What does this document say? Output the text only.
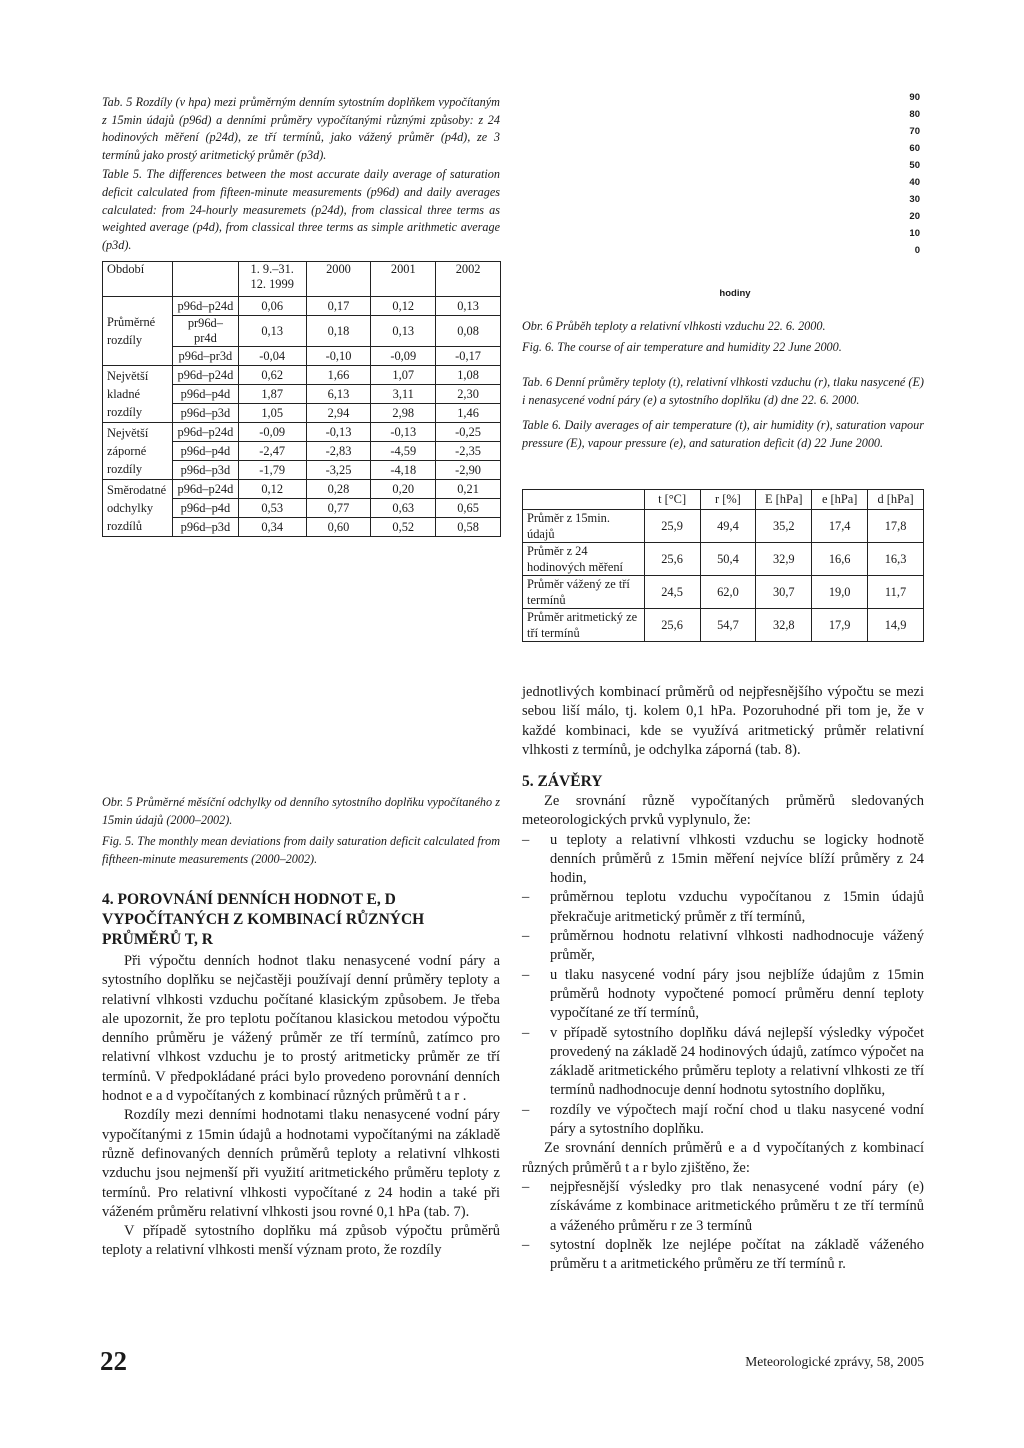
Tab. 5 Rozdíly (v hpa) mezi průměrným denním sytostním doplňkem vypočítaným z 15min údajů (p96d) a denními průměry vypočítanými různými způsoby: z 24 hodinových měření (p24d), ze tří termínů, jako vážený průměr (p4d), ze 3 termínů jako prostý aritmetický průměr (p3d).

Table 5. The differences between the most accurate daily average of saturation deficit calculated from fifteen-minute measurements (p96d) and daily averages calculated: from 24-hourly measuremets (p24d), from classical three terms as weighted average (p4d), from classical three terms as simple arithmetic average (p3d).

Období		1. 9.–31. 12. 1999	2000	2001	2002
Průměrné rozdíly	p96d–p24d	0,06	0,17	0,12	0,13
	pr96d–pr4d	0,13	0,18	0,13	0,08
	p96d–pr3d	-0,04	-0,10	-0,09	-0,17
Největší kladné rozdíly	p96d–p24d	0,62	1,66	1,07	1,08
	p96d–p4d	1,87	6,13	3,11	2,30
	p96d–p3d	1,05	2,94	2,98	1,46
Největší záporné rozdíly	p96d–p24d	-0,09	-0,13	-0,13	-0,25
	p96d–p4d	-2,47	-2,83	-4,59	-2,35
	p96d–p3d	-1,79	-3,25	-4,18	-2,90
Směrodatné odchylky rozdílů	p96d–p24d	0,12	0,28	0,20	0,21
	p96d–p4d	0,53	0,77	0,63	0,65
	p96d–p3d	0,34	0,60	0,52	0,58
90
80
70
60
50
40
30
20
10
0
hodiny

Obr. 6 Průběh teploty a relativní vlhkosti vzduchu 22. 6. 2000.

Fig. 6. The course of air temperature and humidity 22 June 2000.

Tab. 6 Denní průměry teploty (t), relativní vlhkosti vzduchu (r), tlaku nasycené (E) i nenasycené vodní páry (e) a sytostního doplňku (d) dne 22. 6. 2000.

Table 6. Daily averages of air temperature (t), air humidity (r), saturation vapour pressure (E), vapour pressure (e), and saturation deficit (d) 22 June 2000.

	t [°C]	r [%]	E [hPa]	e [hPa]	d [hPa]
Průměr z 15min. údajů	25,9	49,4	35,2	17,4	17,8
Průměr z 24 hodinových měření	25,6	50,4	32,9	16,6	16,3
Průměr vážený ze tří termínů	24,5	62,0	30,7	19,0	11,7
Průměr aritmetický ze tří termínů	25,6	54,7	32,8	17,9	14,9
jednotlivých kombinací průměrů od nejpřesnějšího výpočtu se mezi sebou liší málo, tj. kolem 0,1 hPa. Pozoruhodné při tom je, že v každé kombinaci, kde se využívá aritmetický průměr relativní vlhkosti z termínů, je odchylka záporná (tab. 8).

Obr. 5 Průměrné měsíční odchylky od denního sytostního doplňku vypočítaného z 15min údajů (2000–2002).

Fig. 5. The monthly mean deviations from daily saturation deficit calculated from fiftheen-minute measurements (2000–2002).

4. POROVNÁNÍ DENNÍCH HODNOT E, D VYPOČÍTANÝCH Z KOMBINACÍ RŮZNÝCH PRŮMĚRŮ T, R

Při výpočtu denních hodnot tlaku nenasycené vodní páry a sytostního doplňku se nejčastěji používají denní průměry teploty a relativní vlhkosti vzduchu počítané klasickým způsobem. Je třeba ale upozornit, že pro teplotu počítanou klasickou metodou výpočtu denního průměru je vážený průměr ze tří termínů, zatímco pro relativní vlhkost vzduchu je to prostý aritmeticky průměr ze tří termínů. V předpokládané práci bylo provedeno porovnání denních hodnot e a d vypočítaných z kombinací různých průměrů t a r .

Rozdíly mezi denními hodnotami tlaku nenasycené vodní páry vypočítanými z 15min údajů a hodnotami vypočítanými na základě různě definovaných denních průměrů teploty a relativní vlhkosti vzduchu jsou nejmenší při využití aritmetického průměru teploty z termínů. Pro relativní vlhkosti vypočítané z 24 hodin a také při váženém průměru relativní vlhkosti jsou rovné 0,1 hPa (tab. 7).

V případě sytostního doplňku má způsob výpočtu průměrů teploty a relativní vlhkosti menší význam proto, že rozdíly

5. ZÁVĚRY

Ze srovnání různě vypočítaných průměrů sledovaných meteorologických prvků vyplynulo, že:

– u teploty a relativní vlhkosti vzduchu se logicky hodnotě denních průměrů z 15min měření nejvíce blíží průměry z 24 hodin,
– průměrnou teplotu vzduchu vypočítanou z 15min údajů překračuje aritmetický průměr z tří termínů,
– průměrnou hodnotu relativní vlhkosti nadhodnocuje vážený průměr,
– u tlaku nasycené vodní páry jsou nejblíže údajům z 15min průměrů hodnoty vypočtené pomocí průměru denní teploty vypočítané ze tří termínů,
– v případě sytostního doplňku dává nejlepší výsledky výpočet provedený na základě 24 hodinových údajů, zatímco výpočet na základě aritmetického průměru teploty a relativní vlhkosti ze tří termínů nadhodnocuje denní hodnotu sytostního doplňku,
– rozdíly ve výpočtech mají roční chod u tlaku nasycené vodní páry a sytostního doplňku.

Ze srovnání denních průměrů e a d vypočítaných z kombinací různých průměrů t a r bylo zjištěno, že:

– nejpřesnější výsledky pro tlak nenasycené vodní páry (e) získáváme z kombinace aritmetického průměru t ze tří termínů a váženého průměru r ze 3 termínů
– sytostní doplněk lze nejlépe počítat na základě váženého průměru t a aritmetického průměru ze tří termínů r.
22	Meteorologické zprávy, 58, 2005
